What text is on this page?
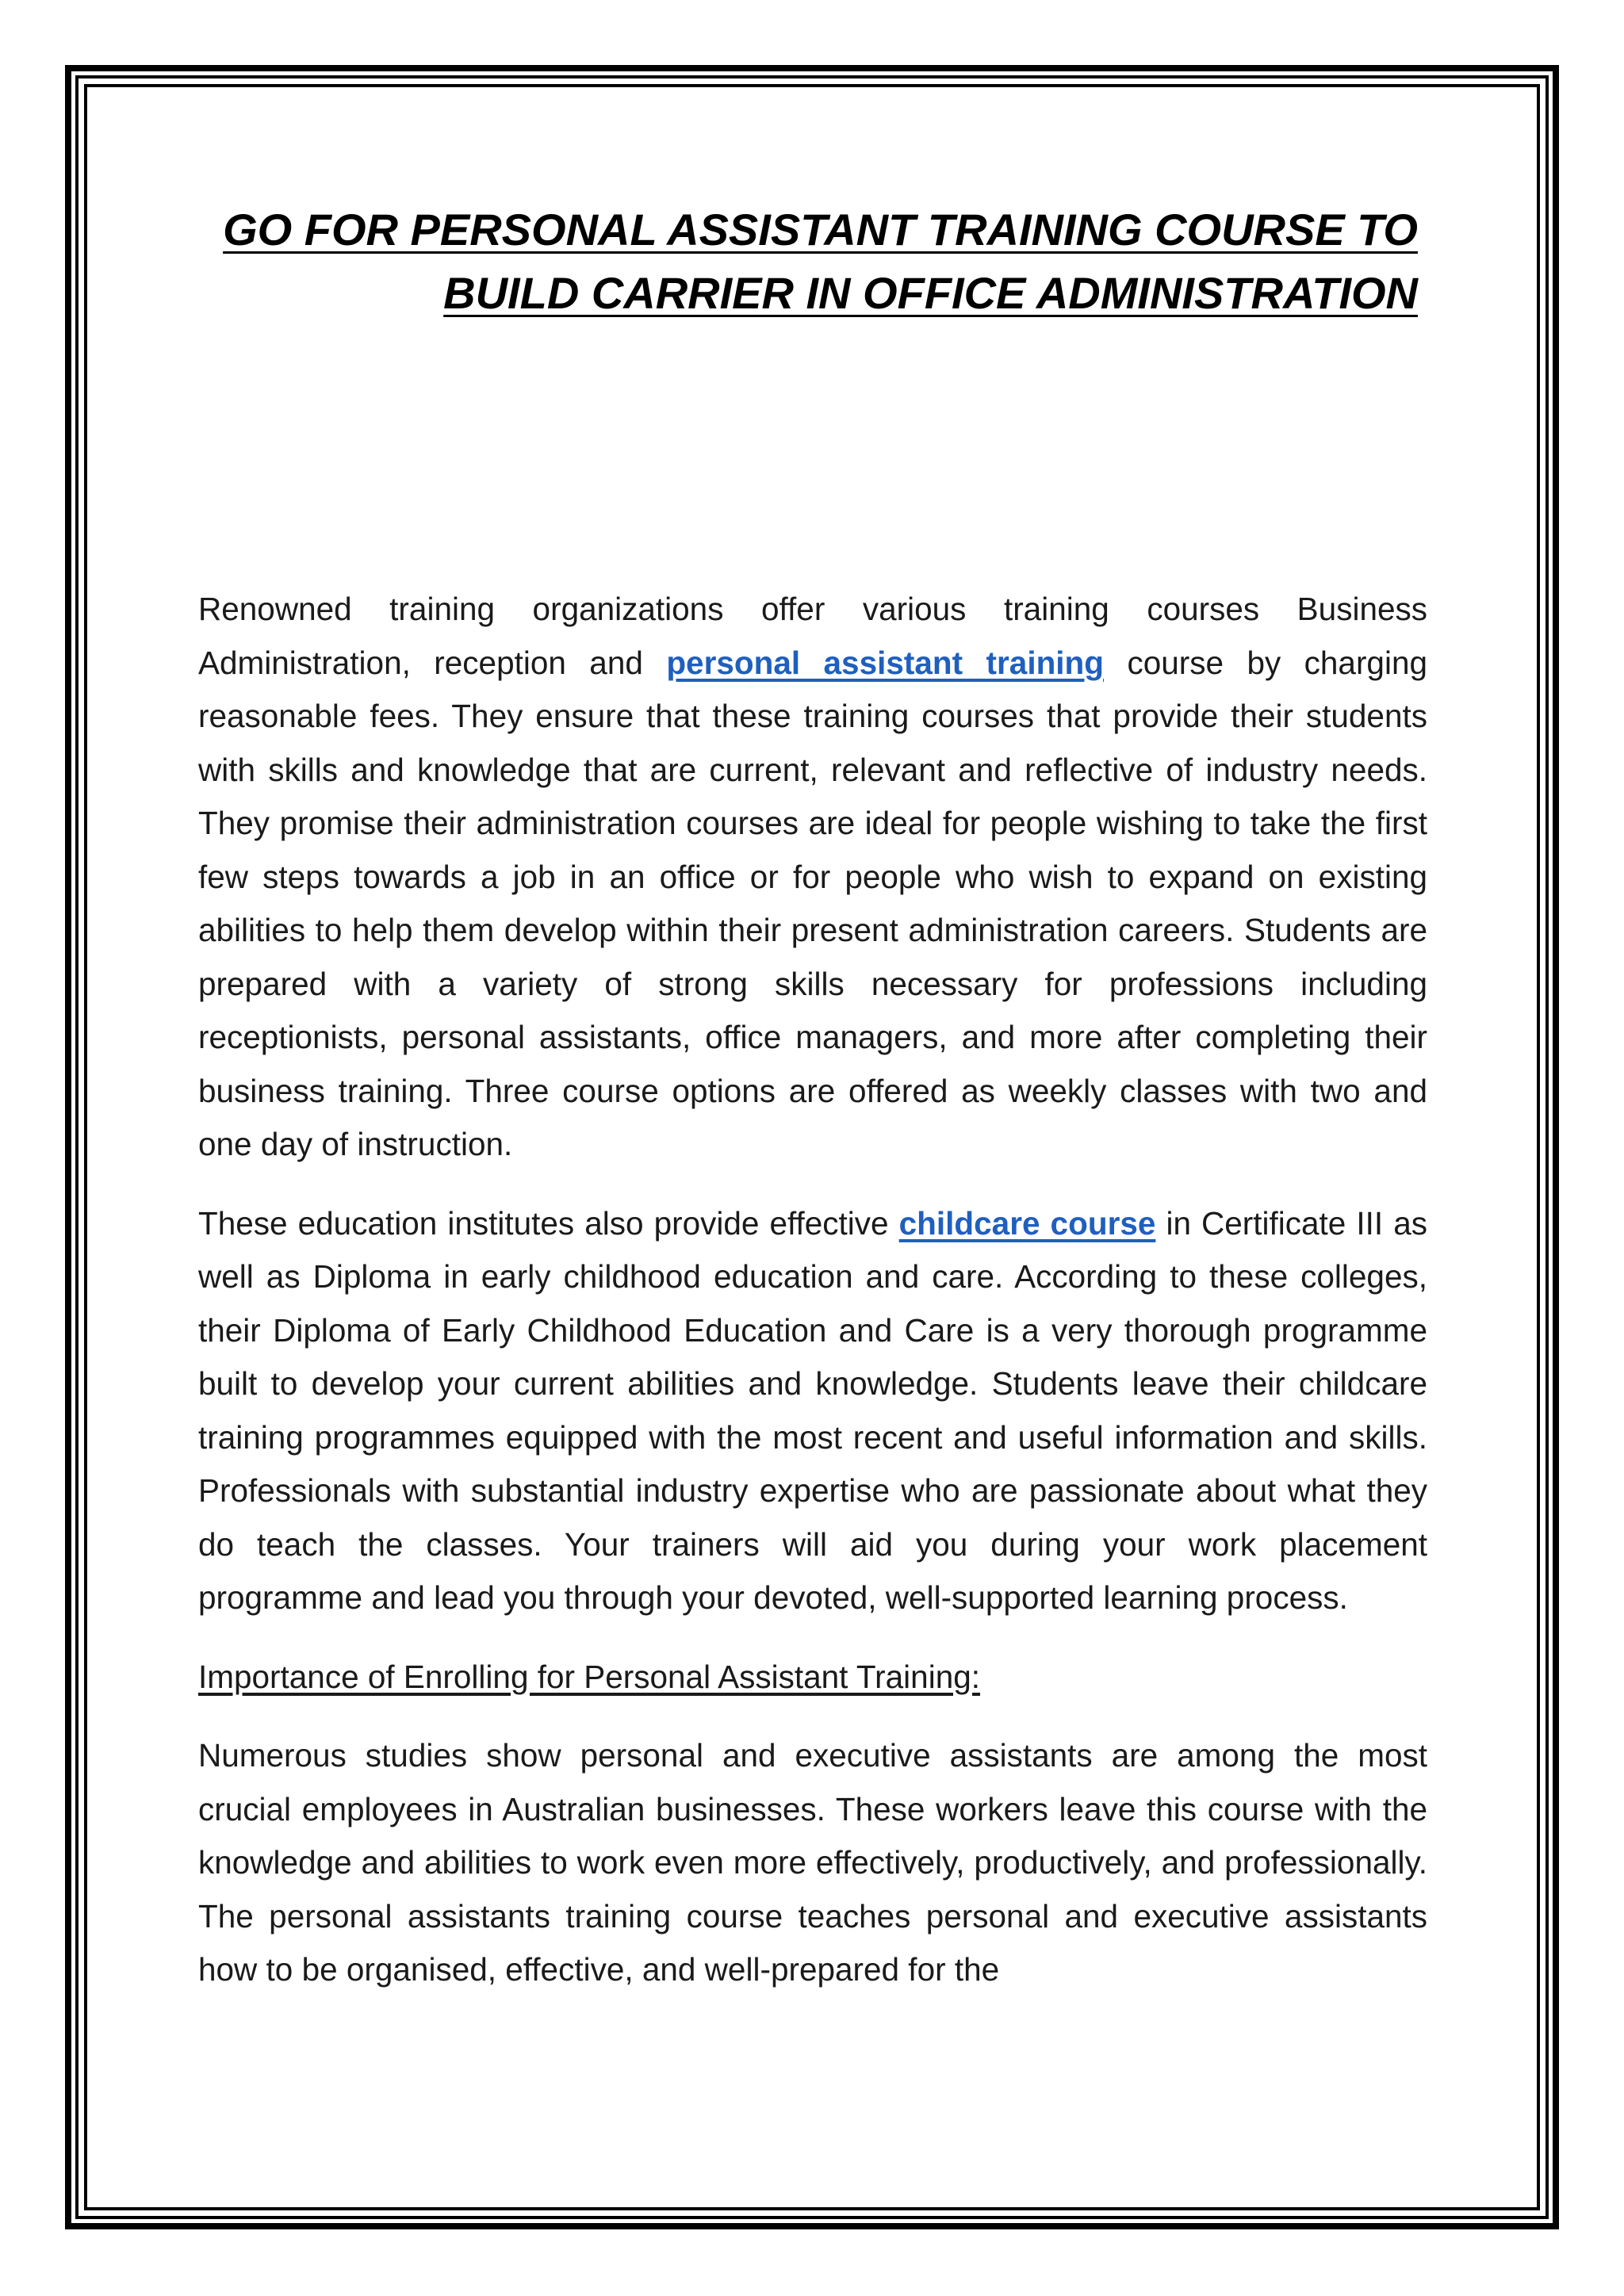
GO FOR PERSONAL ASSISTANT TRAINING COURSE TO
BUILD CARRIER IN OFFICE ADMINISTRATION

Renowned training organizations offer various training courses Business Administration, reception and personal assistant training course by charging reasonable fees. They ensure that these training courses that provide their students with skills and knowledge that are current, relevant and reflective of industry needs. They promise their administration courses are ideal for people wishing to take the first few steps towards a job in an office or for people who wish to expand on existing abilities to help them develop within their present administration careers. Students are prepared with a variety of strong skills necessary for professions including receptionists, personal assistants, office managers, and more after completing their business training. Three course options are offered as weekly classes with two and one day of instruction.

These education institutes also provide effective childcare course in Certificate III as well as Diploma in early childhood education and care. According to these colleges, their Diploma of Early Childhood Education and Care is a very thorough programme built to develop your current abilities and knowledge. Students leave their childcare training programmes equipped with the most recent and useful information and skills. Professionals with substantial industry expertise who are passionate about what they do teach the classes. Your trainers will aid you during your work placement programme and lead you through your devoted, well-supported learning process.

Importance of Enrolling for Personal Assistant Training:

Numerous studies show personal and executive assistants are among the most crucial employees in Australian businesses. These workers leave this course with the knowledge and abilities to work even more effectively, productively, and professionally. The personal assistants training course teaches personal and executive assistants how to be organised, effective, and well-prepared for the
